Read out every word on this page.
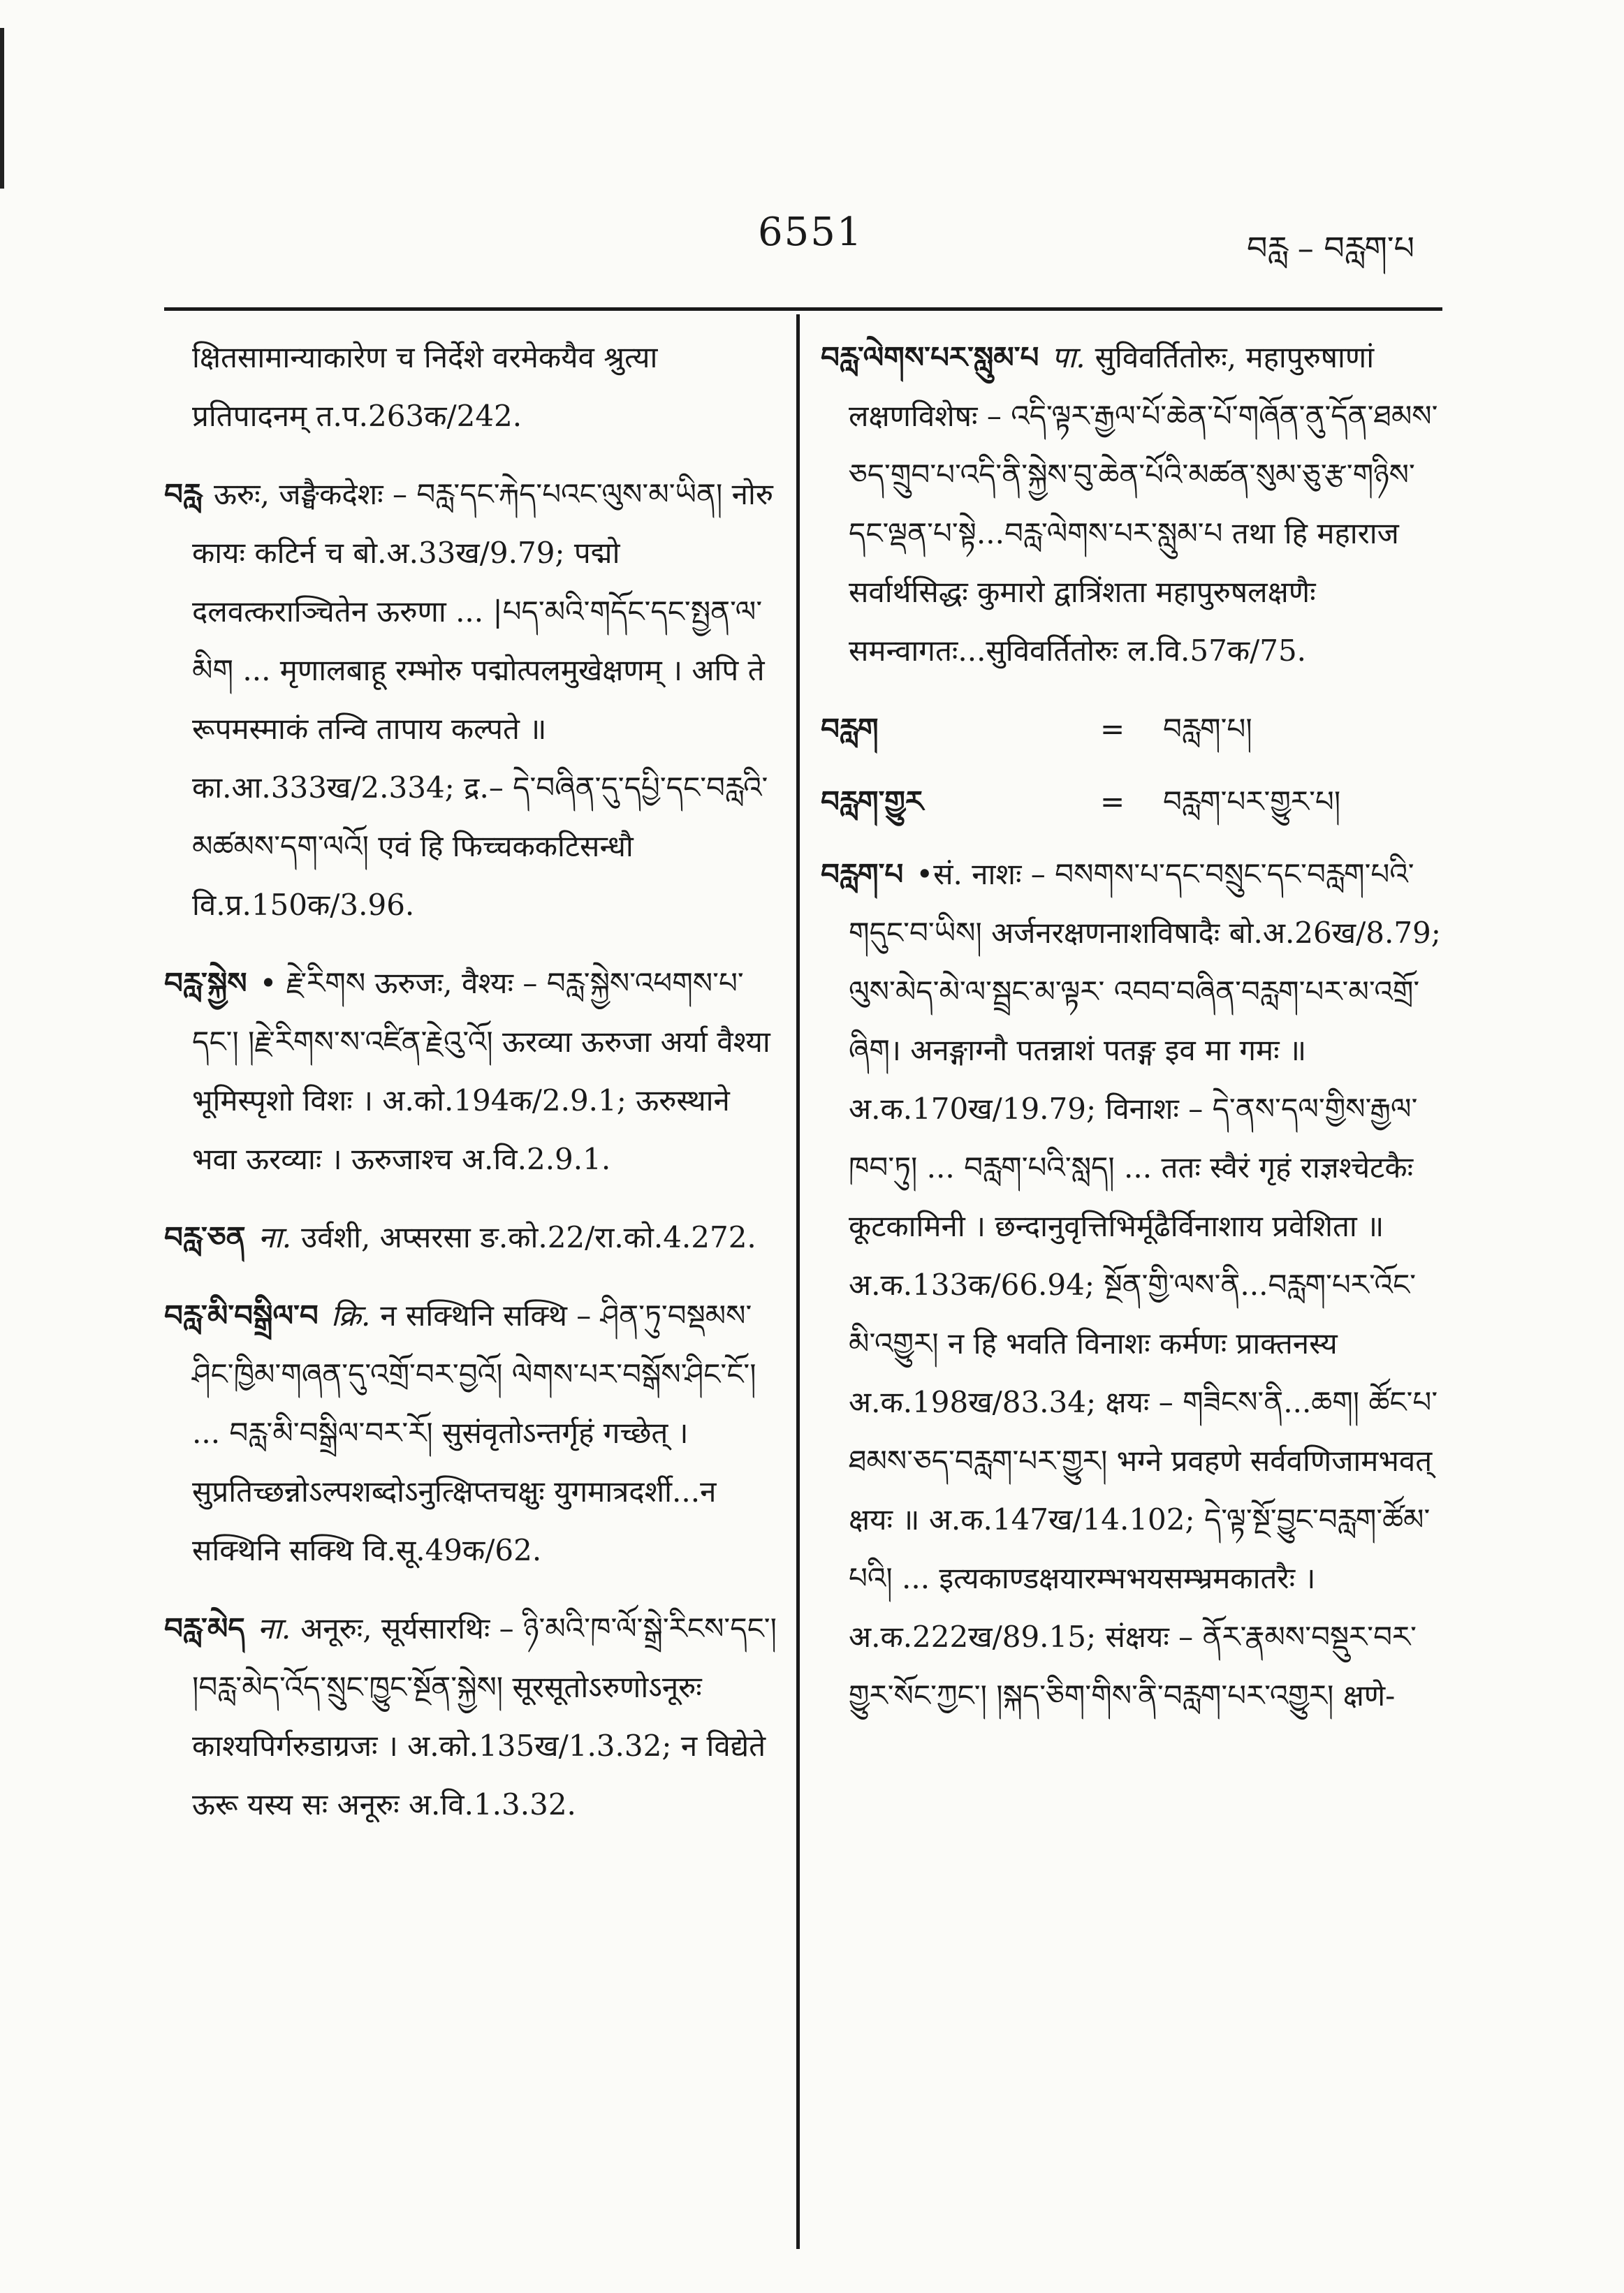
6551	བརླ – བརླག་པ

क्षितसामान्याकारेण च निर्देशे वरमेकयैव श्रुत्या प्रतिपादनम् त.प.263क/242.

བརླ ऊरुः, जङ्घैकदेशः – བརླ་དང་རྐེད་པའང་ལུས་མ་ཡིན། नोरु कायः कटिर्न च बो.अ.33ख/9.79; पद्मो दलवत्कराञ्चितेन ऊरुणा ... |པད་མའི་གདོང་དང་སྤྱན་ལ་མིག ... मृणालबाहू रम्भोरु पद्मोत्पलमुखेक्षणम् । अपि ते रूपमस्माकं तन्वि तापाय कल्पते ॥ का.आ.333ख/2.334; द्र.– དེ་བཞིན་དུ་དཔྱི་དང་བརླའི་མཚམས་དག་ལའོ། एवं हि फिच्चककटिसन्धौ वि.प्र.150क/3.96.

བརླ་སྐྱེས • རྗེ་རིགས ऊरुजः, वैश्यः – བརླ་སྐྱེས་འཕགས་པ་དང་། །རྗེ་རིགས་ས་འཛིན་རྗེའུ་འོ། ऊरव्या ऊरुजा अर्या वैश्या भूमिस्पृशो विशः । अ.को.194क/2.9.1; ऊरुस्थाने भवा ऊरव्याः । ऊरुजाश्च अ.वि.2.9.1.

བརླ་ཅན ना. उर्वशी, अप्सरसा ङ.को.22/रा.को.4.272.

བརླ་མི་བསྒྲིལ་བ क्रि. न सक्थिनि सक्थि – ཤིན་ཏུ་བསྡམས་ཤིང་ཁྱིམ་གཞན་དུ་འགྲོ་བར་བྱའོ། ལེགས་པར་བསྒོས་ཤིང་ངོ་། ... བརླ་མི་བསྒྲིལ་བར་རོ། सुसंवृतोऽन्तर्गृहं गच्छेत् । सुप्रतिच्छन्नोऽल्पशब्दोऽनुत्क्षिप्तचक्षुः युगमात्रदर्शी...न सक्थिनि सक्थि वि.सू.49क/62.

བརླ་མེད ना. अनूरुः, सूर्यसारथिः – ཉི་མའི་ཁ་ལོ་སྒྲེ་རིངས་དང་། །བརླ་མེད་འོད་སྲུང་ཁྱུང་སྔོན་སྐྱེས། सूरसूतोऽरुणोऽनूरुः काश्यपिर्गरुडाग्रजः । अ.को.135ख/1.3.32; न विद्येते ऊरू यस्य सः अनूरुः अ.वि.1.3.32.

བརླ་ལེགས་པར་སླུམ་པ पा. सुविवर्तितोरुः, महापुरुषाणां लक्षणविशेषः – འདི་ལྟར་རྒྱལ་པོ་ཆེན་པོ་གཞོན་ནུ་དོན་ཐམས་ཅད་གྲུབ་པ་འདི་ནི་སྐྱེས་བུ་ཆེན་པོའི་མཚན་སུམ་ཅུ་རྩ་གཉིས་དང་ལྡན་པ་སྟེ...བརླ་ལེགས་པར་སླུམ་པ तथा हि महाराज सर्वार्थसिद्धः कुमारो द्वात्रिंशता महापुरुषलक्षणैः समन्वागतः...सुविवर्तितोरुः ल.वि.57क/75.

བརླག	=	བརླག་པ།
བརླག་གྱུར	=	བརླག་པར་གྱུར་པ།

བརླག་པ •सं. नाशः – བསགས་པ་དང་བསྲུང་དང་བརླག་པའི་གདུང་བ་ཡིས། अर्जनरक्षणनाशविषादैः बो.अ.26ख/8.79; ལུས་མེད་མེ་ལ་སྦྲང་མ་ལྟར་ འབབ་བཞིན་བརླག་པར་མ་འགྲོ་ཞིག। अनङ्गाग्नौ पतन्नाशं पतङ्ग इव मा गमः ॥ अ.क.170ख/19.79; विनाशः – དེ་ནས་དལ་གྱིས་རྒྱལ་ཁབ་ཏུ། ... བརླག་པའི་སླད། ... ततः स्वैरं गृहं राज्ञश्चेटकैः कूटकामिनी । छन्दानुवृत्तिभिर्मूढैर्विनाशाय प्रवेशिता ॥ अ.क.133क/66.94; སྔོན་གྱི་ལས་ནི...བརླག་པར་འོང་མི་འགྱུར། न हि भवति विनाशः कर्मणः प्राक्तनस्य अ.क.198ख/83.34; क्षयः – གཟིངས་ནི...ཆག། ཚོང་པ་ཐམས་ཅད་བརླག་པར་གྱུར། भग्ने प्रवहणे सर्ववणिजामभवत् क्षयः ॥ अ.क.147ख/14.102; དེ་ལྟ་སྔོ་བྱུང་བརླག་ཚོམ་པའི། ... इत्यकाण्डक्षयारम्भभयसम्भ्रमकातरैः । अ.क.222ख/89.15; संक्षयः – ནོར་རྣམས་བསྡུར་བར་གྱུར་སོང་ཀྱང་། །སྐད་ཅིག་གིས་ནི་བརླག་པར་འགྱུར། क्षणे-
